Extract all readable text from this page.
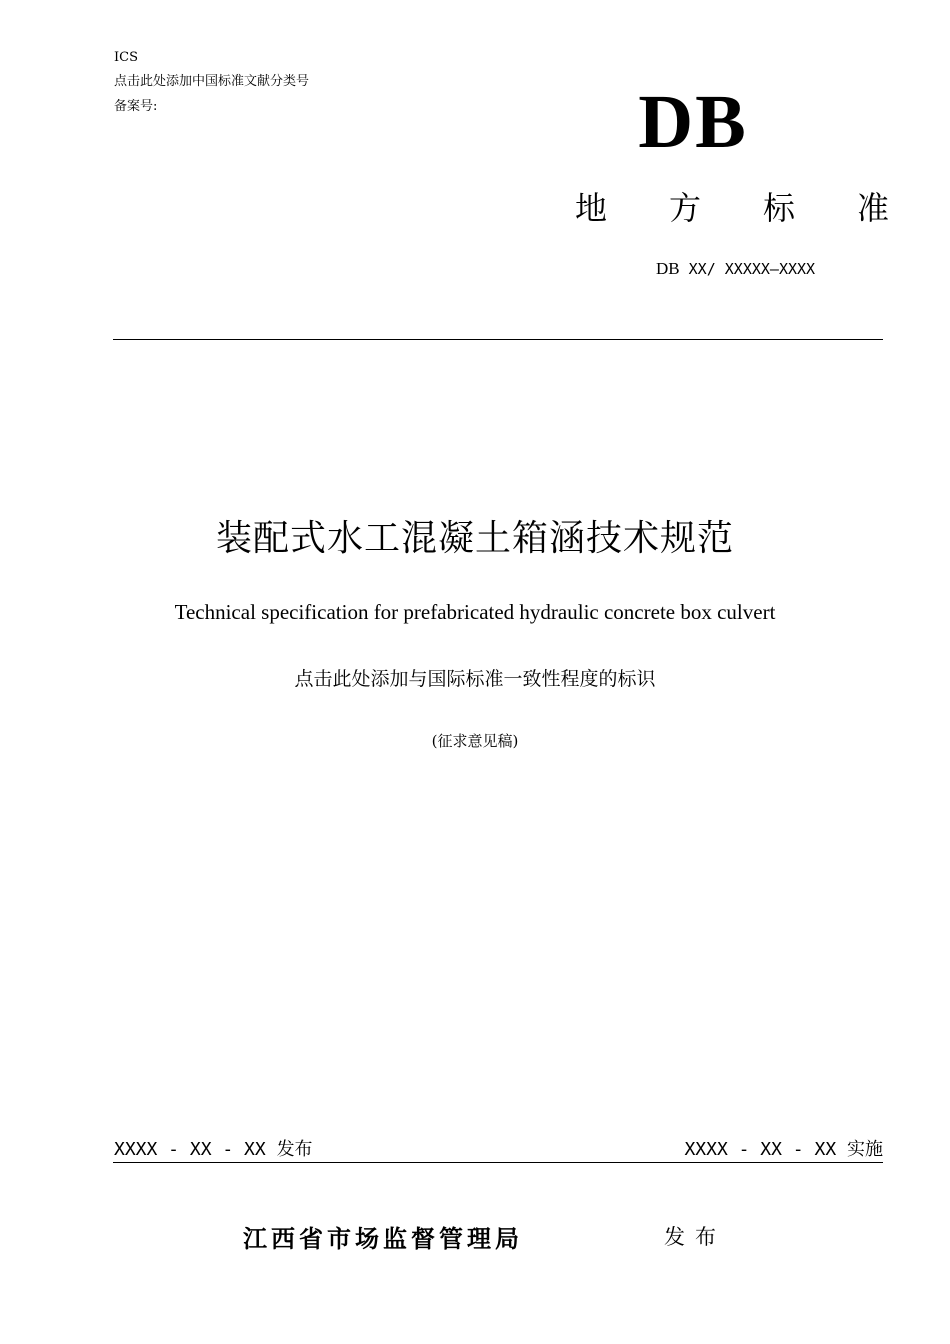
ICS
点击此处添加中国标准文献分类号
备案号:	DB
地 方 标 准
DB XX/ XXXXX—XXXX
装配式水工混凝土箱涵技术规范
Technical specification for prefabricated hydraulic concrete box culvert
点击此处添加与国际标准一致性程度的标识
(征求意见稿)
XXXX - XX - XX 发布	XXXX - XX - XX 实施
江西省市场监督管理局	发布
